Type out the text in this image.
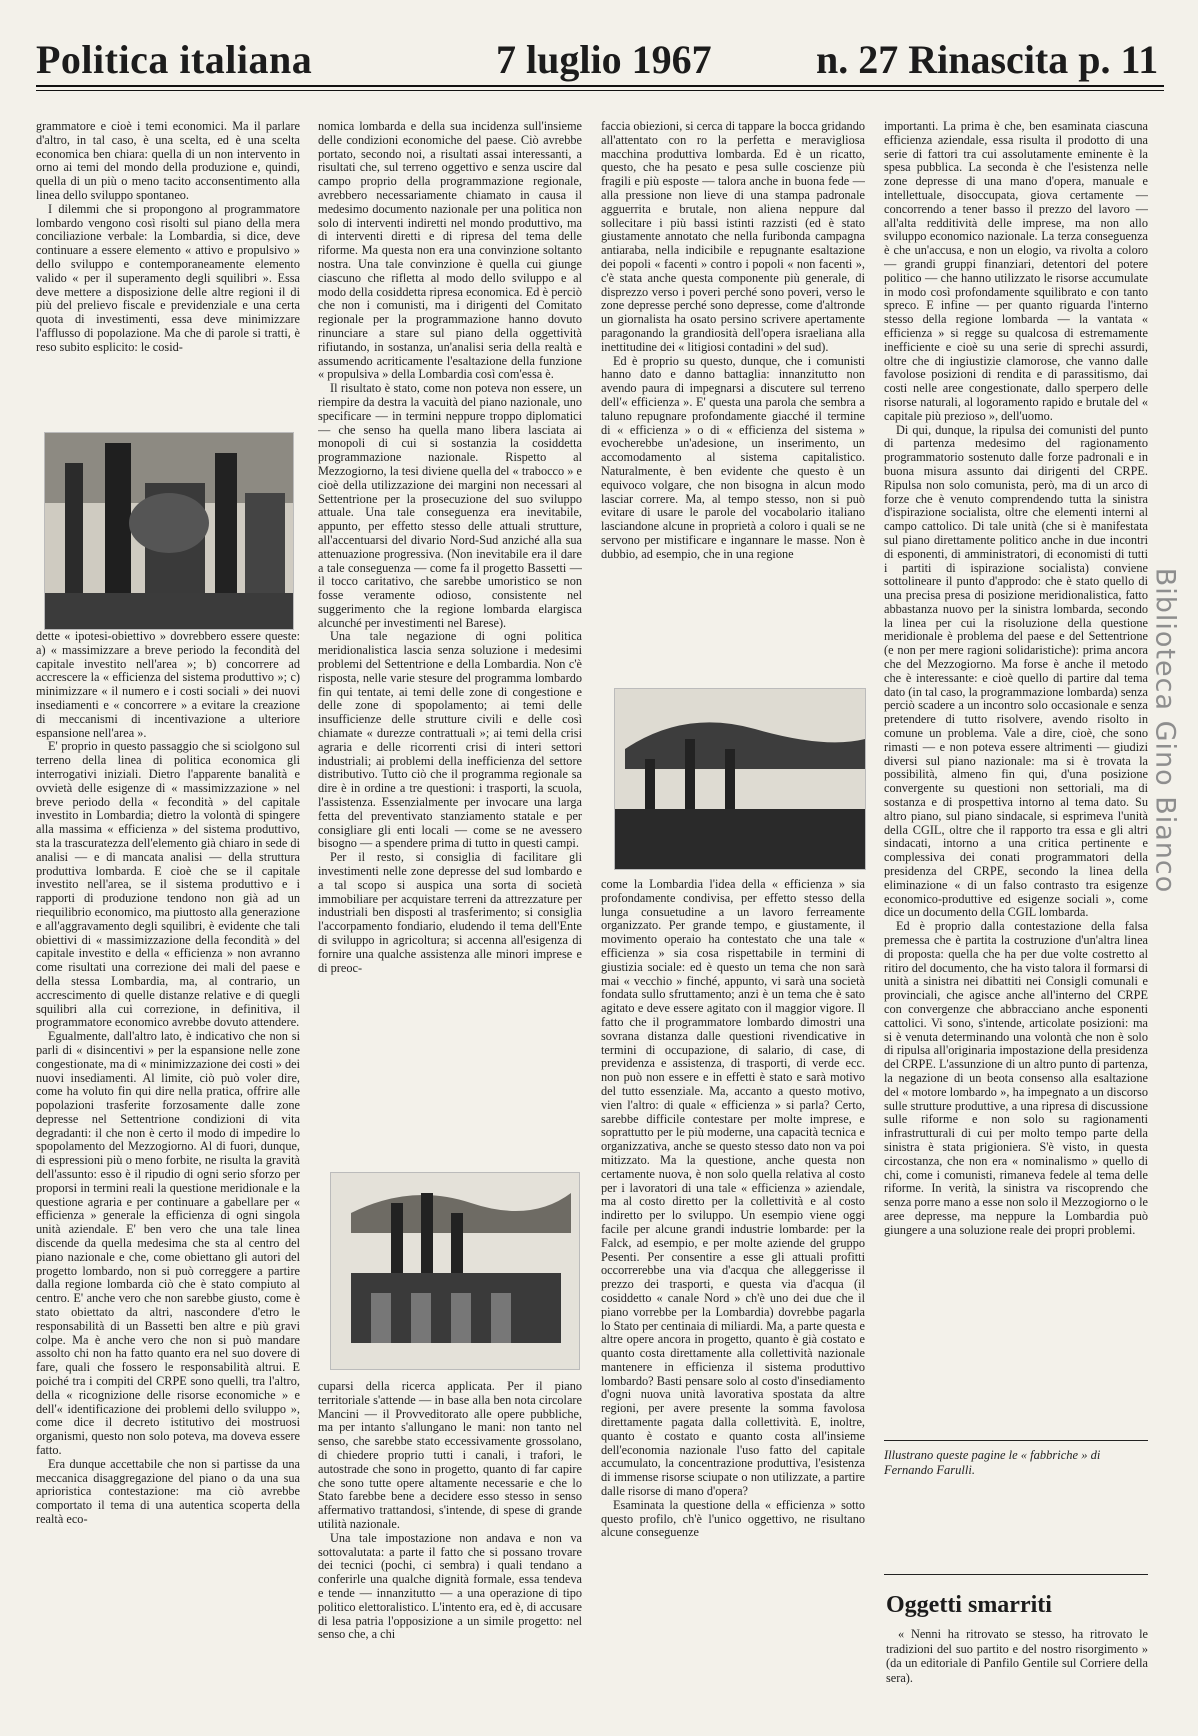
Politica italiana	7 luglio 1967	n. 27 Rinascita p. 11

grammatore e cioè i temi economici. Ma il parlare d'altro, in tal caso, è una scelta, ed è una scelta economica ben chiara: quella di un non intervento in orno ai temi del mondo della produzione e, quindi, quella di un più o meno tacito acconsentimento alla linea dello sviluppo spontaneo.

I dilemmi che si propongono al programmatore lombardo vengono così risolti sul piano della mera conciliazione verbale: la Lombardia, si dice, deve continuare a essere elemento « attivo e propulsivo » dello sviluppo e contemporaneamente elemento valido « per il superamento degli squilibri ». Essa deve mettere a disposizione delle altre regioni il di più del prelievo fiscale e previdenziale e una certa quota di investimenti, essa deve minimizzare l'afflusso di popolazione. Ma che di parole si tratti, è reso subito esplicito: le cosid-

dette « ipotesi-obiettivo » dovrebbero essere queste: a) « massimizzare a breve periodo la fecondità del capitale investito nell'area »; b) concorrere ad accrescere la « efficienza del sistema produttivo »; c) minimizzare « il numero e i costi sociali » dei nuovi insediamenti e « concorrere » a evitare la creazione di meccanismi di incentivazione a ulteriore espansione nell'area ».

E' proprio in questo passaggio che si sciolgono sul terreno della linea di politica economica gli interrogativi iniziali. Dietro l'apparente banalità e ovvietà delle esigenze di « massimizzazione » nel breve periodo della « fecondità » del capitale investito in Lombardia; dietro la volontà di spingere alla massima « efficienza » del sistema produttivo, sta la trascuratezza dell'elemento già chiaro in sede di analisi — e di mancata analisi — della struttura produttiva lombarda. E cioè che se il capitale investito nell'area, se il sistema produttivo e i rapporti di produzione tendono non già ad un riequilibrio economico, ma piuttosto alla generazione e all'aggravamento degli squilibri, è evidente che tali obiettivi di « massimizzazione della fecondità » del capitale investito e della « efficienza » non avranno come risultati una correzione dei mali del paese e della stessa Lombardia, ma, al contrario, un accrescimento di quelle distanze relative e di quegli squilibri alla cui correzione, in definitiva, il programmatore economico avrebbe dovuto attendere.

Egualmente, dall'altro lato, è indicativo che non si parli di « disincentivi » per la espansione nelle zone congestionate, ma di « minimizzazione dei costi » dei nuovi insediamenti. Al limite, ciò può voler dire, come ha voluto fin qui dire nella pratica, offrire alle popolazioni trasferite forzosamente dalle zone depresse nel Settentrione condizioni di vita degradanti: il che non è certo il modo di impedire lo spopolamento del Mezzogiorno. Al di fuori, dunque, di espressioni più o meno forbite, ne risulta la gravità dell'assunto: esso è il ripudio di ogni serio sforzo per proporsi in termini reali la questione meridionale e la questione agraria e per continuare a gabellare per « efficienza » generale la efficienza di ogni singola unità aziendale. E' ben vero che una tale linea discende da quella medesima che sta al centro del piano nazionale e che, come obiettano gli autori del progetto lombardo, non si può correggere a partire dalla regione lombarda ciò che è stato compiuto al centro. E' anche vero che non sarebbe giusto, come è stato obiettato da altri, nascondere d'etro le responsabilità di un Bassetti ben altre e più gravi colpe. Ma è anche vero che non si può mandare assolto chi non ha fatto quanto era nel suo dovere di fare, quali che fossero le responsabilità altrui. E poiché tra i compiti del CRPE sono quelli, tra l'altro, della « ricognizione delle risorse economiche » e dell'« identificazione dei problemi dello sviluppo », come dice il decreto istitutivo dei mostruosi organismi, questo non solo poteva, ma doveva essere fatto.

Era dunque accettabile che non si partisse da una meccanica disaggregazione del piano o da una sua aprioristica contestazione: ma ciò avrebbe comportato il tema di una autentica scoperta della realtà eco-

nomica lombarda e della sua incidenza sull'insieme delle condizioni economiche del paese. Ciò avrebbe portato, secondo noi, a risultati assai interessanti, a risultati che, sul terreno oggettivo e senza uscire dal campo proprio della programmazione regionale, avrebbero necessariamente chiamato in causa il medesimo documento nazionale per una politica non solo di interventi indiretti nel mondo produttivo, ma di interventi diretti e di ripresa del tema delle riforme. Ma questa non era una convinzione soltanto nostra. Una tale convinzione è quella cui giunge ciascuno che rifletta al modo dello sviluppo e al modo della cosiddetta ripresa economica. Ed è perciò che non i comunisti, ma i dirigenti del Comitato regionale per la programmazione hanno dovuto rinunciare a stare sul piano della oggettività rifiutando, in sostanza, un'analisi seria della realtà e assumendo acriticamente l'esaltazione della funzione « propulsiva » della Lombardia così com'essa è.

Il risultato è stato, come non poteva non essere, un riempire da destra la vacuità del piano nazionale, uno specificare — in termini neppure troppo diplomatici — che senso ha quella mano libera lasciata ai monopoli di cui si sostanzia la cosiddetta programmazione nazionale. Rispetto al Mezzogiorno, la tesi diviene quella del « trabocco » e cioè della utilizzazione dei margini non necessari al Settentrione per la prosecuzione del suo sviluppo attuale. Una tale conseguenza era inevitabile, appunto, per effetto stesso delle attuali strutture, all'accentuarsi del divario Nord-Sud anziché alla sua attenuazione progressiva. (Non inevitabile era il dare a tale conseguenza — come fa il progetto Bassetti — il tocco caritativo, che sarebbe umoristico se non fosse veramente odioso, consistente nel suggerimento che la regione lombarda elargisca alcunché per investimenti nel Barese).

Una tale negazione di ogni politica meridionalistica lascia senza soluzione i medesimi problemi del Settentrione e della Lombardia. Non c'è risposta, nelle varie stesure del programma lombardo fin qui tentate, ai temi delle zone di congestione e delle zone di spopolamento; ai temi delle insufficienze delle strutture civili e delle così chiamate « durezze contrattuali »; ai temi della crisi agraria e delle ricorrenti crisi di interi settori industriali; ai problemi della inefficienza del settore distributivo. Tutto ciò che il programma regionale sa dire è in ordine a tre questioni: i trasporti, la scuola, l'assistenza. Essenzialmente per invocare una larga fetta del preventivato stanziamento statale e per consigliare gli enti locali — come se ne avessero bisogno — a spendere prima di tutto in questi campi.

Per il resto, si consiglia di facilitare gli investimenti nelle zone depresse del sud lombardo e a tal scopo si auspica una sorta di società immobiliare per acquistare terreni da attrezzature per industriali ben disposti al trasferimento; si consiglia l'accorpamento fondiario, eludendo il tema dell'Ente di sviluppo in agricoltura; si accenna all'esigenza di fornire una qualche assistenza alle minori imprese e di preoc-

cuparsi della ricerca applicata. Per il piano territoriale s'attende — in base alla ben nota circolare Mancini — il Provveditorato alle opere pubbliche, ma per intanto s'allungano le mani: non tanto nel senso, che sarebbe stato eccessivamente grossolano, di chiedere proprio tutti i canali, i trafori, le autostrade che sono in progetto, quanto di far capire che sono tutte opere altamente necessarie e che lo Stato farebbe bene a decidere esso stesso in senso affermativo trattandosi, s'intende, di spese di grande utilità nazionale.

Una tale impostazione non andava e non va sottovalutata: a parte il fatto che si possano trovare dei tecnici (pochi, ci sembra) i quali tendano a conferirle una qualche dignità formale, essa tendeva e tende — innanzitutto — a una operazione di tipo politico elettoralistico. L'intento era, ed è, di accusare di lesa patria l'opposizione a un simile progetto: nel senso che, a chi

faccia obiezioni, si cerca di tappare la bocca gridando all'attentato con ro la perfetta e meravigliosa macchina produttiva lombarda. Ed è un ricatto, questo, che ha pesato e pesa sulle coscienze più fragili e più esposte — talora anche in buona fede — alla pressione non lieve di una stampa padronale agguerrita e brutale, non aliena neppure dal sollecitare i più bassi istinti razzisti (ed è stato giustamente annotato che nella furibonda campagna antiaraba, nella indicibile e repugnante esaltazione dei popoli « facenti » contro i popoli « non facenti », c'è stata anche questa componente più generale, di disprezzo verso i poveri perché sono poveri, verso le zone depresse perché sono depresse, come d'altronde un giornalista ha osato persino scrivere apertamente paragonando la grandiosità dell'opera israeliana alla inettitudine dei « litigiosi contadini » del sud).

Ed è proprio su questo, dunque, che i comunisti hanno dato e danno battaglia: innanzitutto non avendo paura di impegnarsi a discutere sul terreno dell'« efficienza ». E' questa una parola che sembra a taluno repugnare profondamente giacché il termine di « efficienza » o di « efficienza del sistema » evocherebbe un'adesione, un inserimento, un accomodamento al sistema capitalistico. Naturalmente, è ben evidente che questo è un equivoco volgare, che non bisogna in alcun modo lasciar correre. Ma, al tempo stesso, non si può evitare di usare le parole del vocabolario italiano lasciandone alcune in proprietà a coloro i quali se ne servono per mistificare e ingannare le masse. Non è dubbio, ad esempio, che in una regione

come la Lombardia l'idea della « efficienza » sia profondamente condivisa, per effetto stesso della lunga consuetudine a un lavoro ferreamente organizzato. Per grande tempo, e giustamente, il movimento operaio ha contestato che una tale « efficienza » sia cosa rispettabile in termini di giustizia sociale: ed è questo un tema che non sarà mai « vecchio » finché, appunto, vi sarà una società fondata sullo sfruttamento; anzi è un tema che è sato agitato e deve essere agitato con il maggior vigore. Il fatto che il programmatore lombardo dimostri una sovrana distanza dalle questioni rivendicative in termini di occupazione, di salario, di case, di previdenza e assistenza, di trasporti, di verde ecc. non può non essere e in effetti è stato e sarà motivo del tutto essenziale. Ma, accanto a questo motivo, vien l'altro: di quale « efficienza » si parla? Certo, sarebbe difficile contestare per molte imprese, e soprattutto per le più moderne, una capacità tecnica e organizzativa, anche se questo stesso dato non va poi mitizzato. Ma la questione, anche questa non certamente nuova, è non solo quella relativa al costo per i lavoratori di una tale « efficienza » aziendale, ma al costo diretto per la collettività e al costo indiretto per lo sviluppo. Un esempio viene oggi facile per alcune grandi industrie lombarde: per la Falck, ad esempio, e per molte aziende del gruppo Pesenti. Per consentire a esse gli attuali profitti occorrerebbe una via d'acqua che alleggerisse il prezzo dei trasporti, e questa via d'acqua (il cosiddetto « canale Nord » ch'è uno dei due che il piano vorrebbe per la Lombardia) dovrebbe pagarla lo Stato per centinaia di miliardi. Ma, a parte questa e altre opere ancora in progetto, quanto è già costato e quanto costa direttamente alla collettività nazionale mantenere in efficienza il sistema produttivo lombardo? Basti pensare solo al costo d'insediamento d'ogni nuova unità lavorativa spostata da altre regioni, per avere presente la somma favolosa direttamente pagata dalla collettività. E, inoltre, quanto è costato e quanto costa all'insieme dell'economia nazionale l'uso fatto del capitale accumulato, la concentrazione produttiva, l'esistenza di immense risorse sciupate o non utilizzate, a partire dalle risorse di mano d'opera?

Esaminata la questione della « efficienza » sotto questo profilo, ch'è l'unico oggettivo, ne risultano alcune conseguenze

importanti. La prima è che, ben esaminata ciascuna efficienza aziendale, essa risulta il prodotto di una serie di fattori tra cui assolutamente eminente è la spesa pubblica. La seconda è che l'esistenza nelle zone depresse di una mano d'opera, manuale e intellettuale, disoccupata, giova certamente — concorrendo a tener basso il prezzo del lavoro — all'alta redditività delle imprese, ma non allo sviluppo economico nazionale. La terza conseguenza è che un'accusa, e non un elogio, va rivolta a coloro — grandi gruppi finanziari, detentori del potere politico — che hanno utilizzato le risorse accumulate in modo così profondamente squilibrato e con tanto spreco. E infine — per quanto riguarda l'interno stesso della regione lombarda — la vantata « efficienza » si regge su qualcosa di estremamente inefficiente e cioè su una serie di sprechi assurdi, oltre che di ingiustizie clamorose, che vanno dalle favolose posizioni di rendita e di parassitismo, dai costi nelle aree congestionate, dallo sperpero delle risorse naturali, al logoramento rapido e brutale del « capitale più prezioso », dell'uomo.

Di qui, dunque, la ripulsa dei comunisti del punto di partenza medesimo del ragionamento programmatorio sostenuto dalle forze padronali e in buona misura assunto dai dirigenti del CRPE. Ripulsa non solo comunista, però, ma di un arco di forze che è venuto comprendendo tutta la sinistra d'ispirazione socialista, oltre che elementi interni al campo cattolico. Di tale unità (che si è manifestata sul piano direttamente politico anche in due incontri di esponenti, di amministratori, di economisti di tutti i partiti di ispirazione socialista) conviene sottolineare il punto d'approdo: che è stato quello di una precisa presa di posizione meridionalistica, fatto abbastanza nuovo per la sinistra lombarda, secondo la linea per cui la risoluzione della questione meridionale è problema del paese e del Settentrione (e non per mere ragioni solidaristiche): prima ancora che del Mezzogiorno. Ma forse è anche il metodo che è interessante: e cioè quello di partire dal tema dato (in tal caso, la programmazione lombarda) senza perciò scadere a un incontro solo occasionale e senza pretendere di tutto risolvere, avendo risolto in comune un problema. Vale a dire, cioè, che sono rimasti — e non poteva essere altrimenti — giudizi diversi sul piano nazionale: ma si è trovata la possibilità, almeno fin qui, d'una posizione convergente su questioni non settoriali, ma di sostanza e di prospettiva intorno al tema dato. Su altro piano, sul piano sindacale, si esprimeva l'unità della CGIL, oltre che il rapporto tra essa e gli altri sindacati, intorno a una critica pertinente e complessiva dei conati programmatori della presidenza del CRPE, secondo la linea della eliminazione « di un falso contrasto tra esigenze economico-produttive ed esigenze sociali », come dice un documento della CGIL lombarda.

Ed è proprio dalla contestazione della falsa premessa che è partita la costruzione d'un'altra linea di proposta: quella che ha per due volte costretto al ritiro del documento, che ha visto talora il formarsi di unità a sinistra nei dibattiti nei Consigli comunali e provinciali, che agisce anche all'interno del CRPE con convergenze che abbracciano anche esponenti cattolici. Vi sono, s'intende, articolate posizioni: ma si è venuta determinando una volontà che non è solo di ripulsa all'originaria impostazione della presidenza del CRPE. L'assunzione di un altro punto di partenza, la negazione di un beota consenso alla esaltazione del « motore lombardo », ha impegnato a un discorso sulle strutture produttive, a una ripresa di discussione sulle riforme e non solo su ragionamenti infrastrutturali di cui per molto tempo parte della sinistra è stata prigioniera. S'è visto, in questa circostanza, che non era « nominalismo » quello di chi, come i comunisti, rimaneva fedele al tema delle riforme. In verità, la sinistra va riscoprendo che senza porre mano a esse non solo il Mezzogiorno o le aree depresse, ma neppure la Lombardia può giungere a una soluzione reale dei propri problemi.

Illustrano queste pagine le « fabbriche » di Fernando Farulli.
Oggetti smarriti

« Nenni ha ritrovato se stesso, ha ritrovato le tradizioni del suo partito e del nostro risorgimento » (da un editoriale di Panfilo Gentile sul Corriere della sera).

Biblioteca Gino Bianco
